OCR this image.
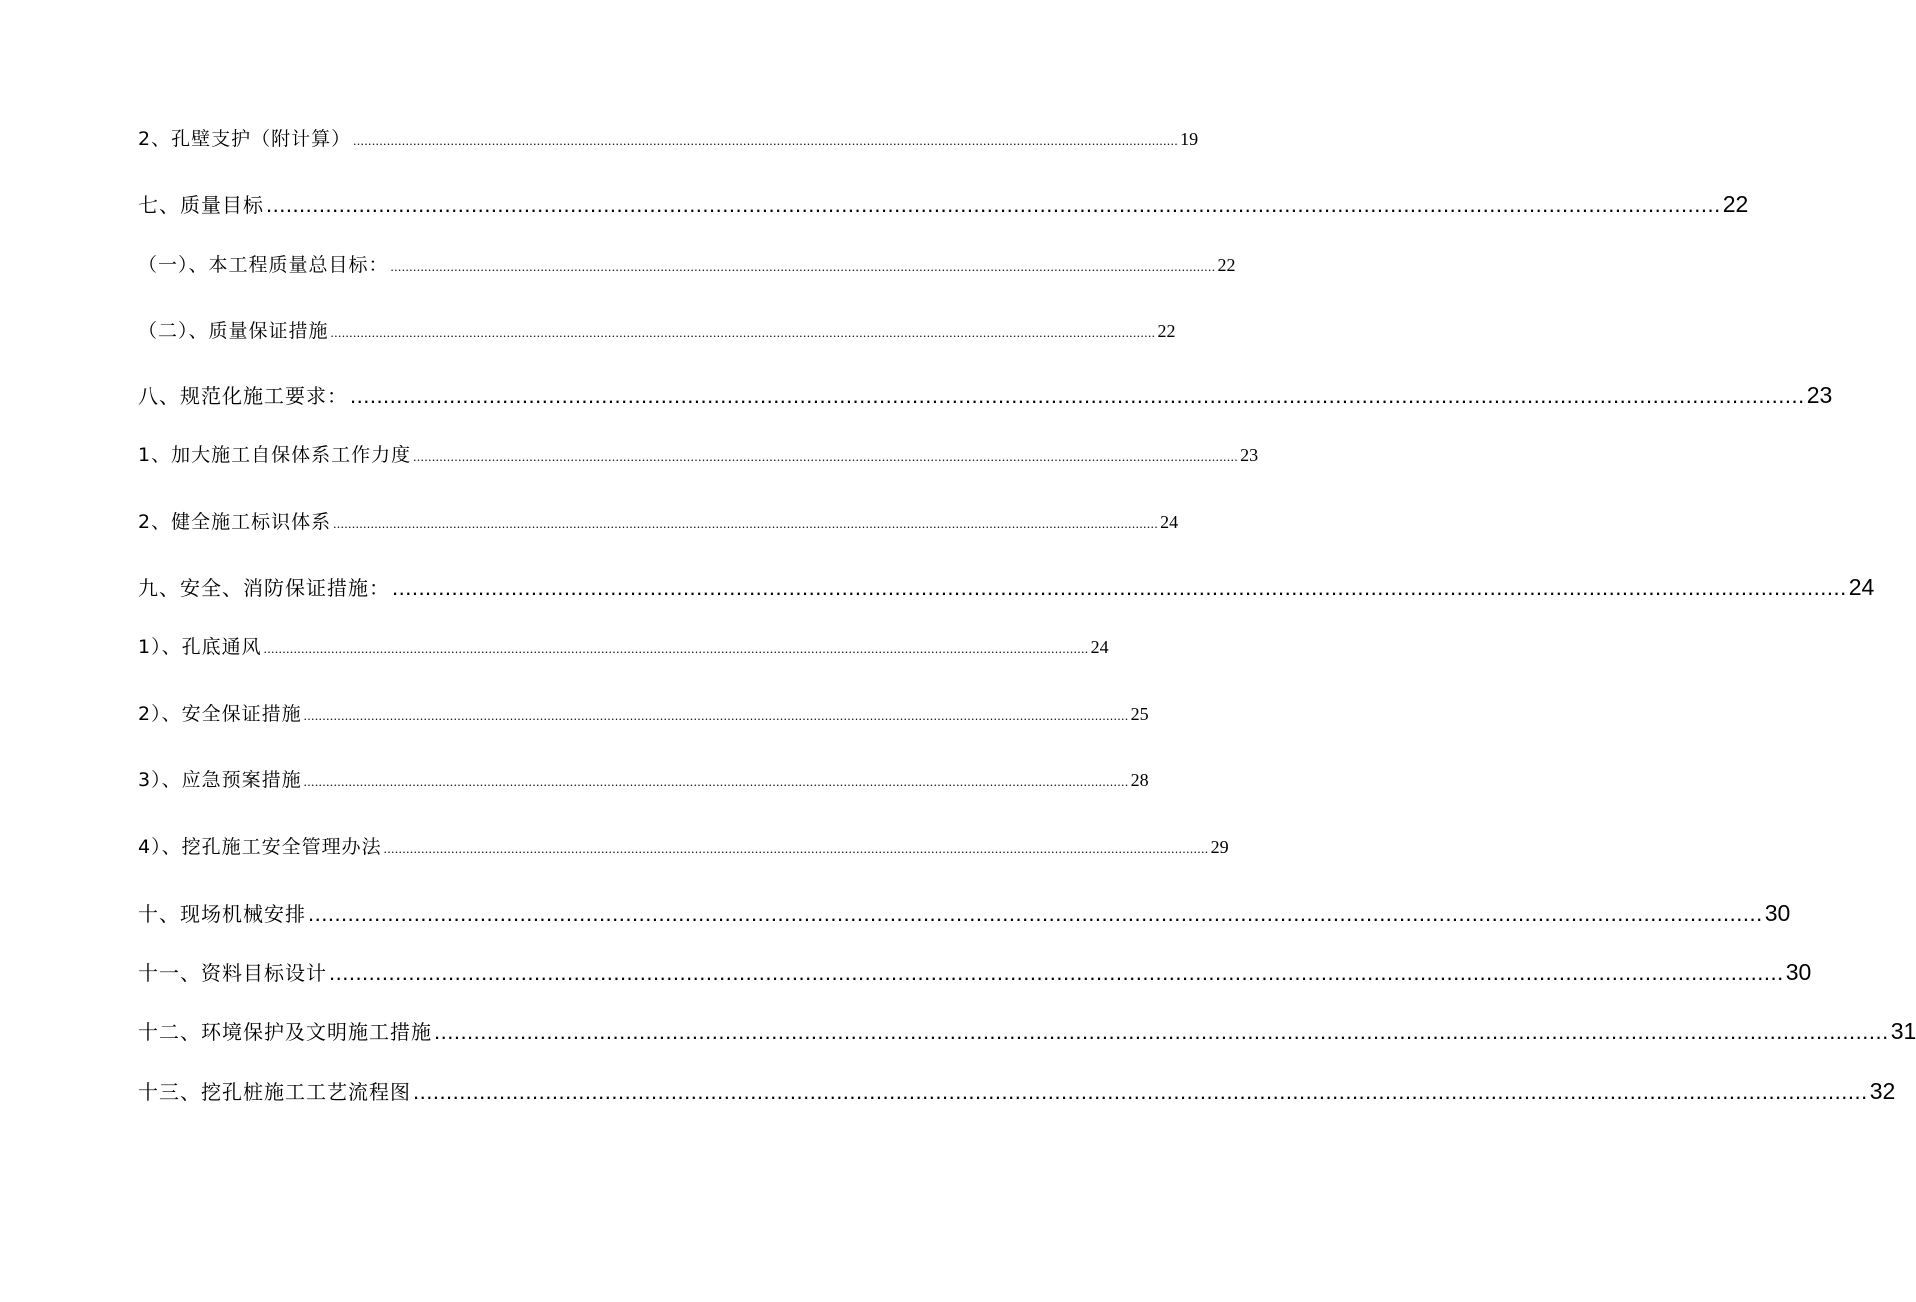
2、孔壁支护（附计算） ............................................................................................................................................................................................................................ 19
七、质量目标 ............................................................................................................................................................................................................................ 22
（一）、本工程质量总目标： ............................................................................................................................................................................................................................ 22
（二）、质量保证措施 ............................................................................................................................................................................................................................ 22
八、规范化施工要求： ............................................................................................................................................................................................................................ 23
1、加大施工自保体系工作力度 ............................................................................................................................................................................................................................ 23
2、健全施工标识体系 ............................................................................................................................................................................................................................ 24
九、安全、消防保证措施： ............................................................................................................................................................................................................................ 24
1）、孔底通风 ............................................................................................................................................................................................................................ 24
2）、安全保证措施 ............................................................................................................................................................................................................................ 25
3）、应急预案措施 ............................................................................................................................................................................................................................ 28
4）、挖孔施工安全管理办法 ............................................................................................................................................................................................................................ 29
十、现场机械安排 ............................................................................................................................................................................................................................ 30
十一、资料目标设计 ............................................................................................................................................................................................................................ 30
十二、环境保护及文明施工措施 ............................................................................................................................................................................................................................ 31
十三、挖孔桩施工工艺流程图 ............................................................................................................................................................................................................................ 32
